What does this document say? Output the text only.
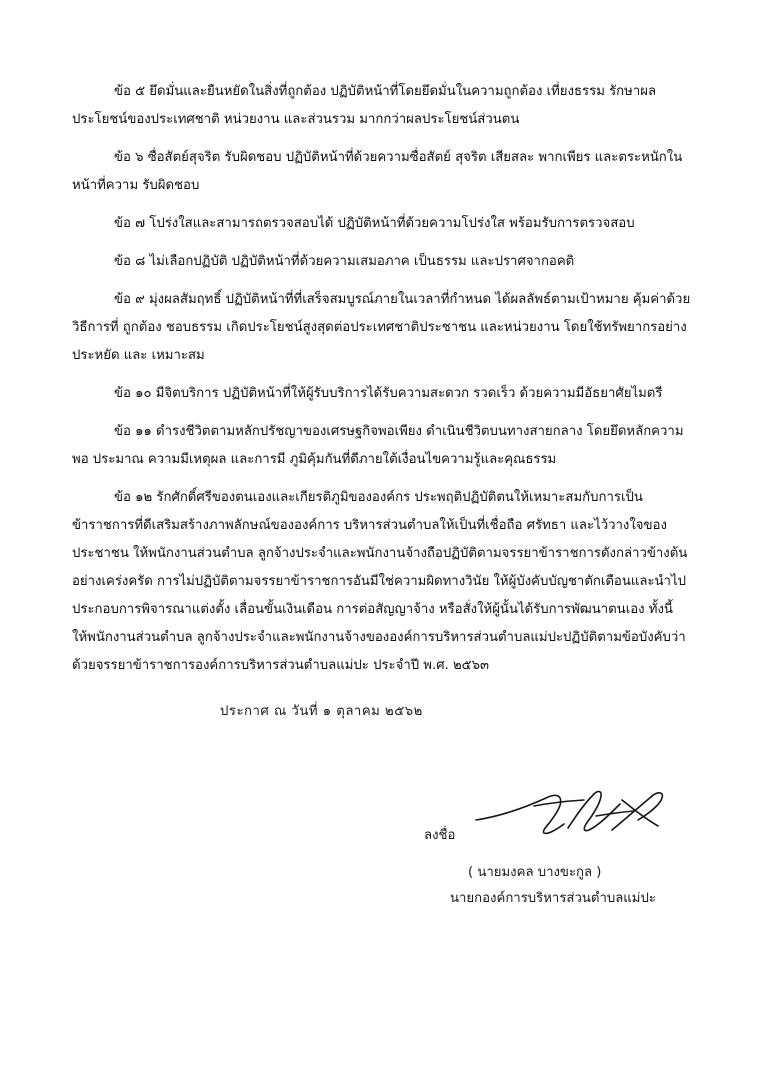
ข้อ ๕ ยึดมั่นและยืนหยัดในสิ่งที่ถูกต้อง ปฏิบัติหน้าที่โดยยึดมั่นในความถูกต้อง เที่ยงธรรม รักษาผลประโยชน์ของประเทศชาติ หน่วยงาน และส่วนรวม มากกว่าผลประโยชน์ส่วนตน

ข้อ ๖ ซื่อสัตย์สุจริต รับผิดชอบ ปฏิบัติหน้าที่ด้วยความซื่อสัตย์ สุจริต เสียสละ พากเพียร และตระหนักในหน้าที่ความ รับผิดชอบ

ข้อ ๗ โปร่งใสและสามารถตรวจสอบได้ ปฏิบัติหน้าที่ด้วยความโปร่งใส พร้อมรับการตรวจสอบ

ข้อ ๘ ไม่เลือกปฏิบัติ ปฏิบัติหน้าที่ด้วยความเสมอภาค เป็นธรรม และปราศจากอคติ

ข้อ ๙ มุ่งผลสัมฤทธิ์ ปฏิบัติหน้าที่ที่เสร็จสมบูรณ์ภายในเวลาที่กำหนด ได้ผลลัพธ์ตามเป้าหมาย คุ้มค่าด้วยวิธีการที่ ถูกต้อง ชอบธรรม เกิดประโยชน์สูงสุดต่อประเทศชาติประชาชน และหน่วยงาน โดยใช้ทรัพยากรอย่างประหยัด และ เหมาะสม

ข้อ ๑๐ มีจิตบริการ ปฏิบัติหน้าที่ให้ผู้รับบริการได้รับความสะดวก รวดเร็ว ด้วยความมีอัธยาศัยไมตรี

ข้อ ๑๑ ดำรงชีวิตตามหลักปรัชญาของเศรษฐกิจพอเพียง ดำเนินชีวิตบนทางสายกลาง โดยยึดหลักความพอ ประมาณ ความมีเหตุผล และการมี ภูมิคุ้มกันที่ดีภายใต้เงื่อนไขความรู้และคุณธรรม

ข้อ ๑๒ รักศักดิ์ศรีของตนเองและเกียรติภูมิขององค์กร ประพฤติปฏิบัติตนให้เหมาะสมกับการเป็นข้าราชการที่ดีเสริมสร้างภาพลักษณ์ขององค์การ บริหารส่วนตำบลให้เป็นที่เชื่อถือ ศรัทธา และไว้วางใจของประชาชน ให้พนักงานส่วนตำบล ลูกจ้างประจำและพนักงานจ้างถือปฏิบัติตามจรรยาข้าราชการดังกล่าวข้างต้น อย่างเคร่งครัด การไม่ปฏิบัติตามจรรยาข้าราชการอันมีใช่ความผิดทางวินัย ให้ผู้บังคับบัญชาตักเตือนและนำไป ประกอบการพิจารณาแต่งตั้ง เลื่อนขั้นเงินเดือน การต่อสัญญาจ้าง หรือสั่งให้ผู้นั้นได้รับการพัฒนาตนเอง ทั้งนี้ ให้พนักงานส่วนตำบล ลูกจ้างประจำและพนักงานจ้างขององค์การบริหารส่วนตำบลแม่ปะปฏิบัติตามข้อบังคับว่าด้วยจรรยาข้าราชการองค์การบริหารส่วนตำบลแม่ปะ ประจำปี พ.ศ. ๒๕๖๓

ประกาศ ณ วันที่ ๑ ตุลาคม ๒๕๖๒

ลงชื่อ
( นายมงคล บางขะกูล )
นายกองค์การบริหารส่วนตำบลแม่ปะ
